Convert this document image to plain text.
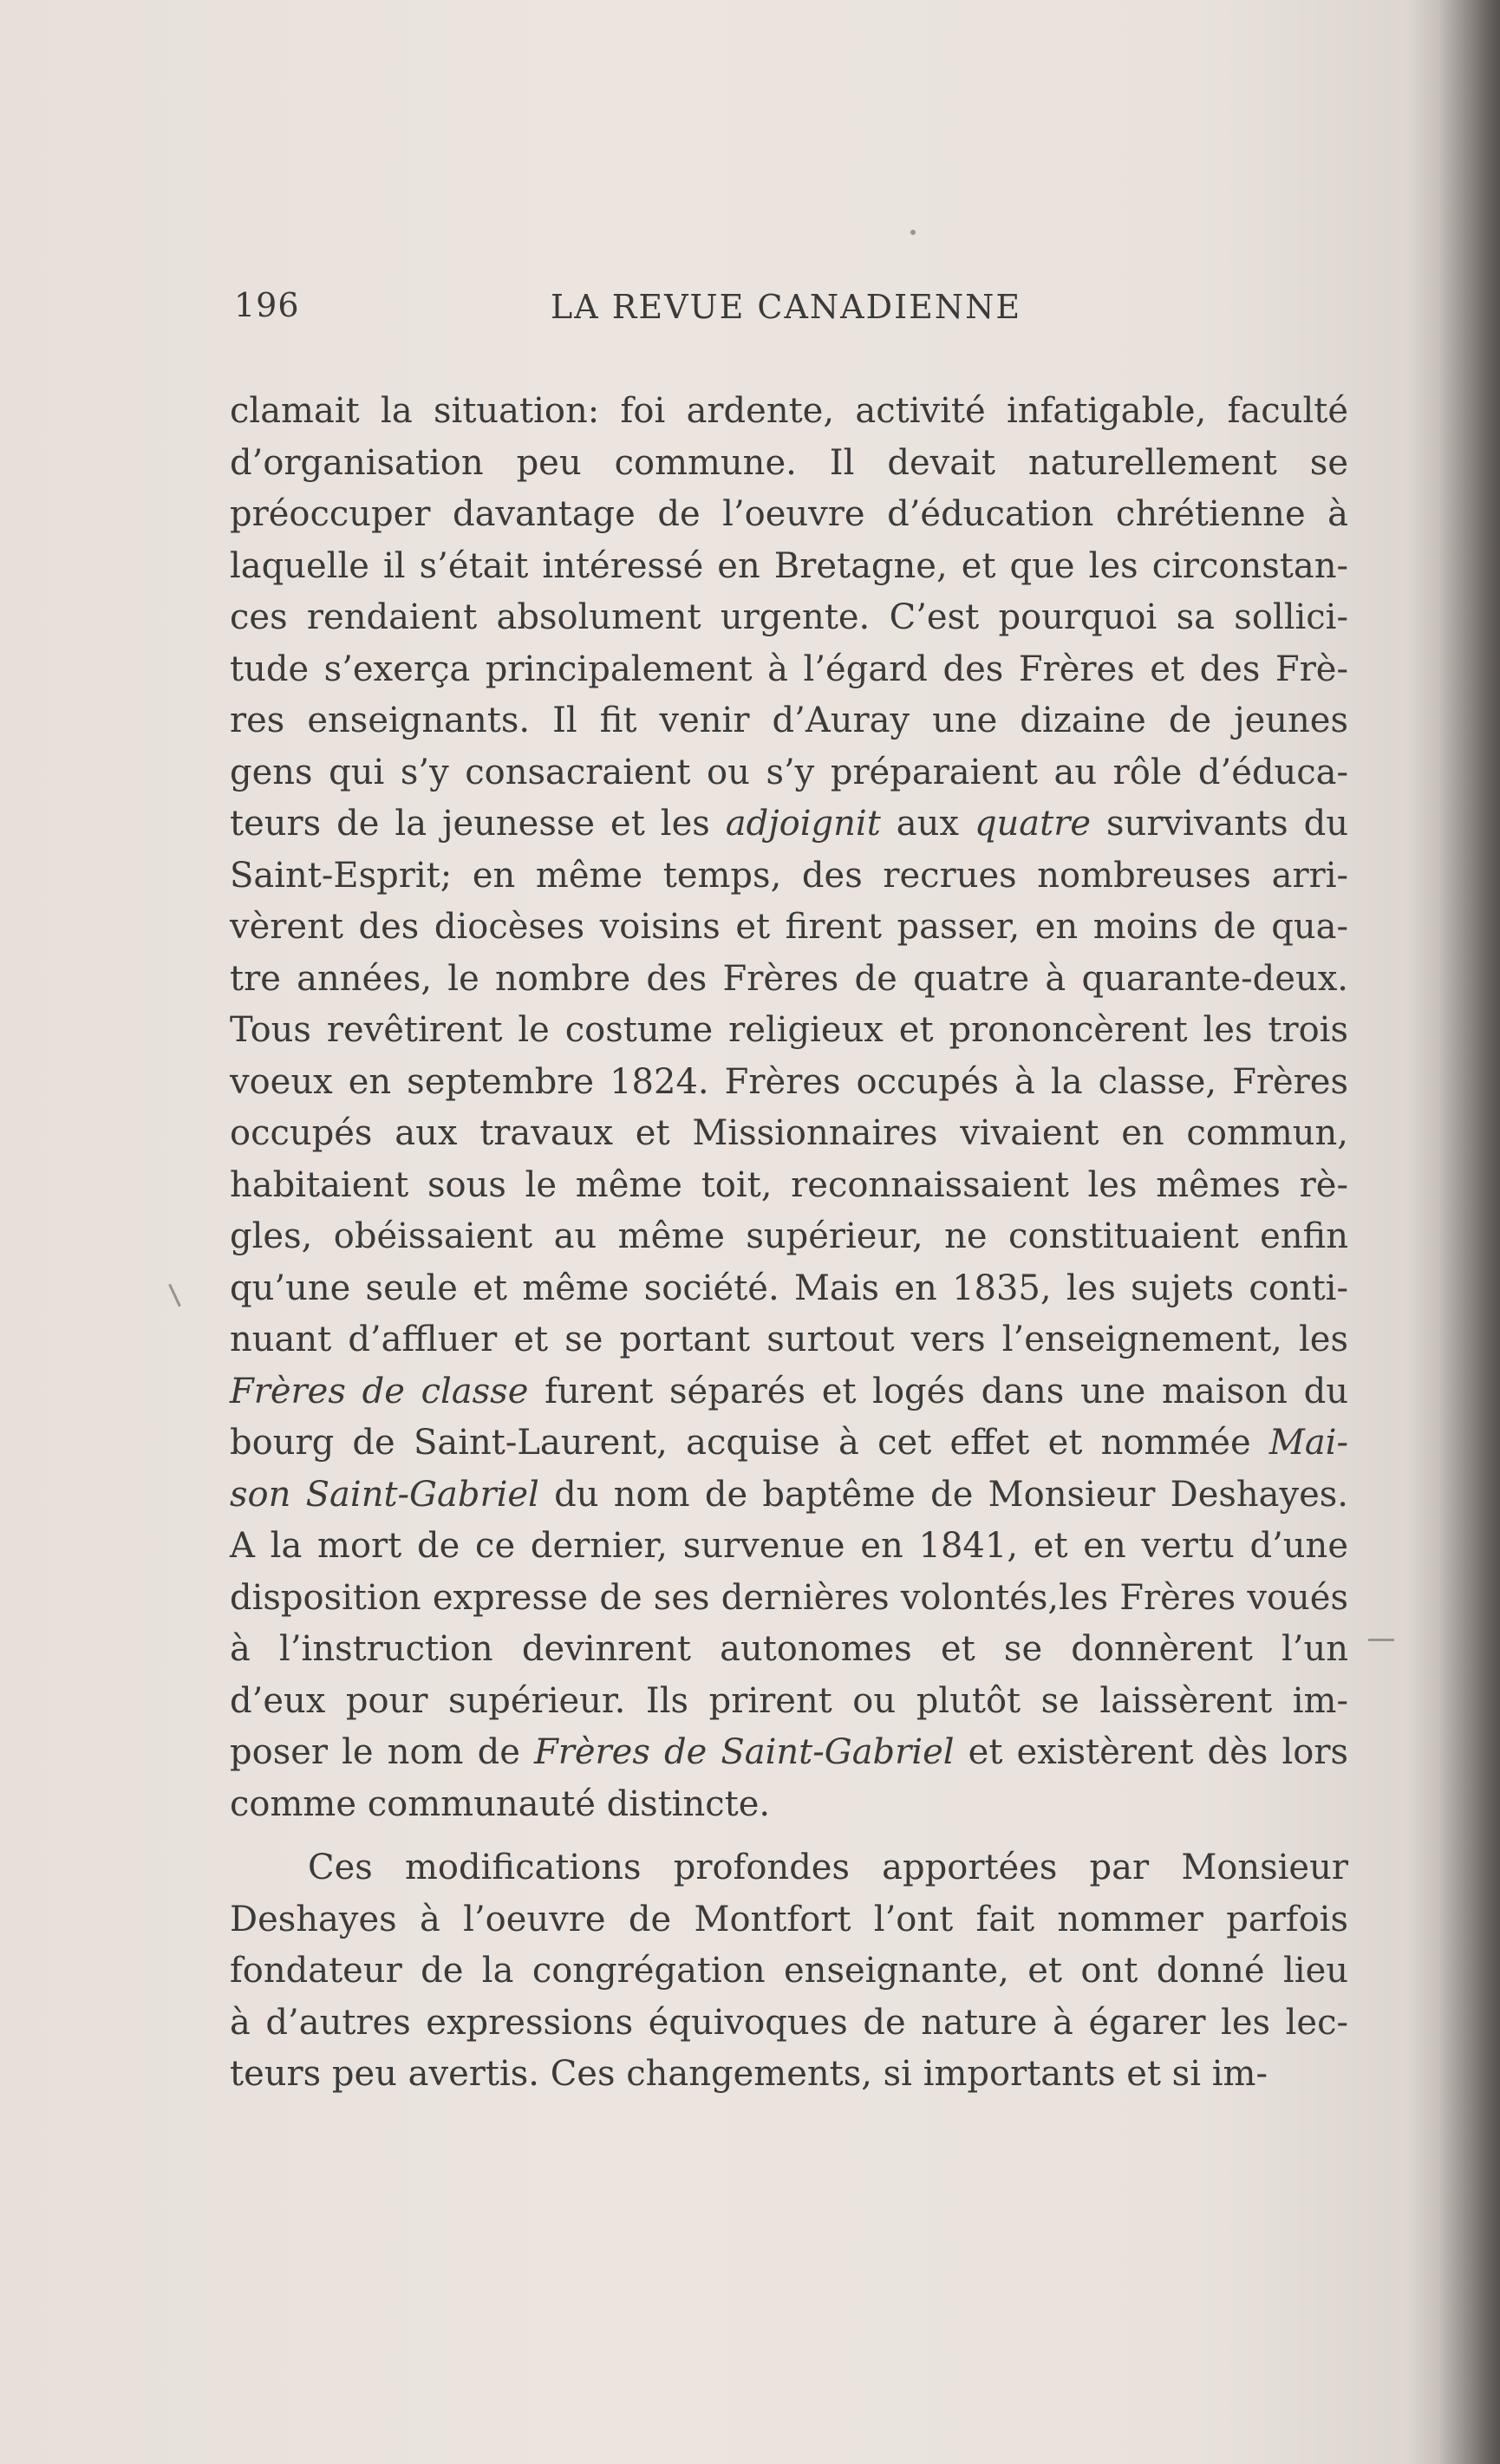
196	LA REVUE CANADIENNE
clamait la situation: foi ardente, activité infatigable, faculté
d’organisation peu commune. Il devait naturellement se
préoccuper davantage de l’oeuvre d’éducation chrétienne à
laquelle il s’était intéressé en Bretagne, et que les circonstan-
ces rendaient absolument urgente. C’est pourquoi sa sollici-
tude s’exerça principalement à l’égard des Frères et des Frè-
res enseignants. Il fit venir d’Auray une dizaine de jeunes
gens qui s’y consacraient ou s’y préparaient au rôle d’éduca-
teurs de la jeunesse et les adjoignit aux quatre survivants du
Saint-Esprit; en même temps, des recrues nombreuses arri-
vèrent des diocèses voisins et firent passer, en moins de qua-
tre années, le nombre des Frères de quatre à quarante-deux.
Tous revêtirent le costume religieux et prononcèrent les trois
voeux en septembre 1824. Frères occupés à la classe, Frères
occupés aux travaux et Missionnaires vivaient en commun,
habitaient sous le même toit, reconnaissaient les mêmes rè-
gles, obéissaient au même supérieur, ne constituaient enfin
qu’une seule et même société. Mais en 1835, les sujets conti-
nuant d’affluer et se portant surtout vers l’enseignement, les
Frères de classe furent séparés et logés dans une maison du
bourg de Saint-Laurent, acquise à cet effet et nommée Mai-
son Saint-Gabriel du nom de baptême de Monsieur Deshayes.
A la mort de ce dernier, survenue en 1841, et en vertu d’une
disposition expresse de ses dernières volontés,les Frères voués
à l’instruction devinrent autonomes et se donnèrent l’un
d’eux pour supérieur. Ils prirent ou plutôt se laissèrent im-
poser le nom de Frères de Saint-Gabriel et existèrent dès lors
comme communauté distincte.
Ces modifications profondes apportées par Monsieur
Deshayes à l’oeuvre de Montfort l’ont fait nommer parfois
fondateur de la congrégation enseignante, et ont donné lieu
à d’autres expressions équivoques de nature à égarer les lec-
teurs peu avertis. Ces changements, si importants et si im-
